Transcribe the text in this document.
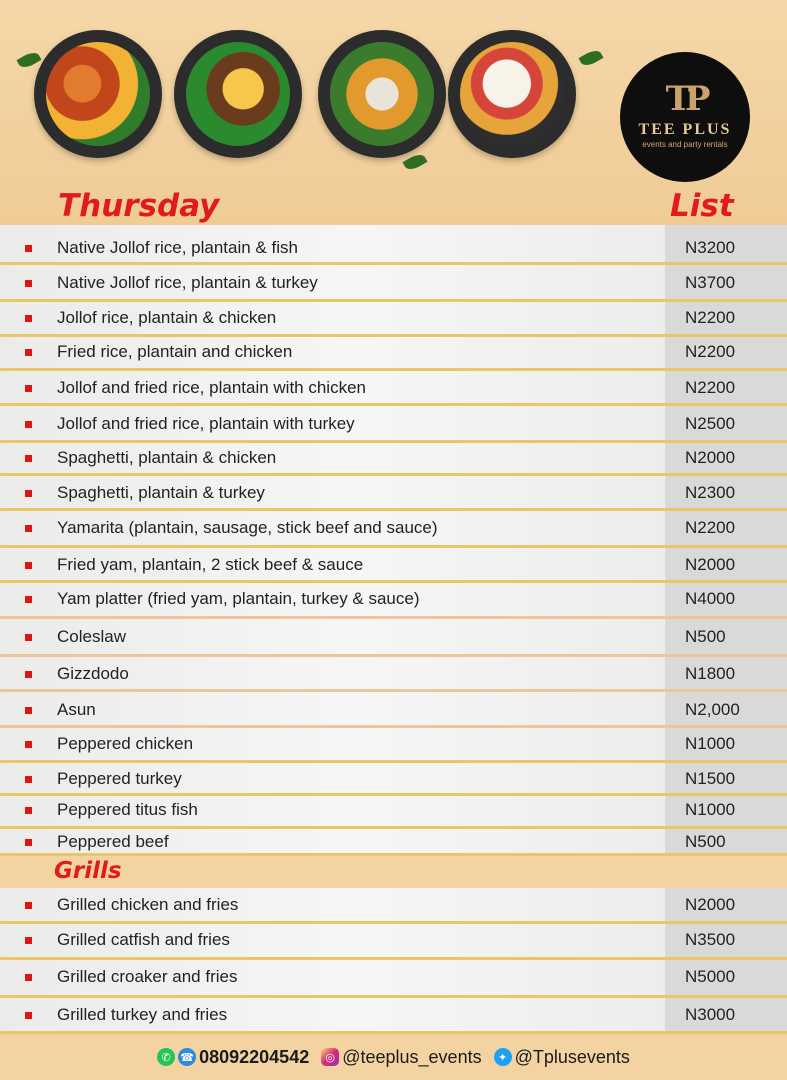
TP
TEE PLUS
events and party rentals
Thursday	List
Native Jollof rice, plantain & fish	N3200
Native Jollof rice, plantain & turkey	N3700
Jollof rice, plantain & chicken	N2200
Fried rice, plantain and chicken	N2200
Jollof and fried rice, plantain with chicken	N2200
Jollof and fried rice, plantain with turkey	N2500
Spaghetti, plantain & chicken	N2000
Spaghetti, plantain & turkey	N2300
Yamarita (plantain, sausage, stick beef and sauce)	N2200
Fried yam, plantain, 2 stick beef & sauce	N2000
Yam platter (fried yam, plantain, turkey & sauce)	N4000
Coleslaw	N500
Gizzdodo	N1800
Asun	N2,000
Peppered chicken	N1000
Peppered turkey	N1500
Peppered titus fish	N1000
Peppered beef	N500
Grills
Grilled chicken and fries	N2000
Grilled catfish and fries	N3500
Grilled croaker and fries	N5000
Grilled turkey and fries	N3000
✆ ☎ 08092204542	◎ @teeplus_events	✦ @Tplusevents
